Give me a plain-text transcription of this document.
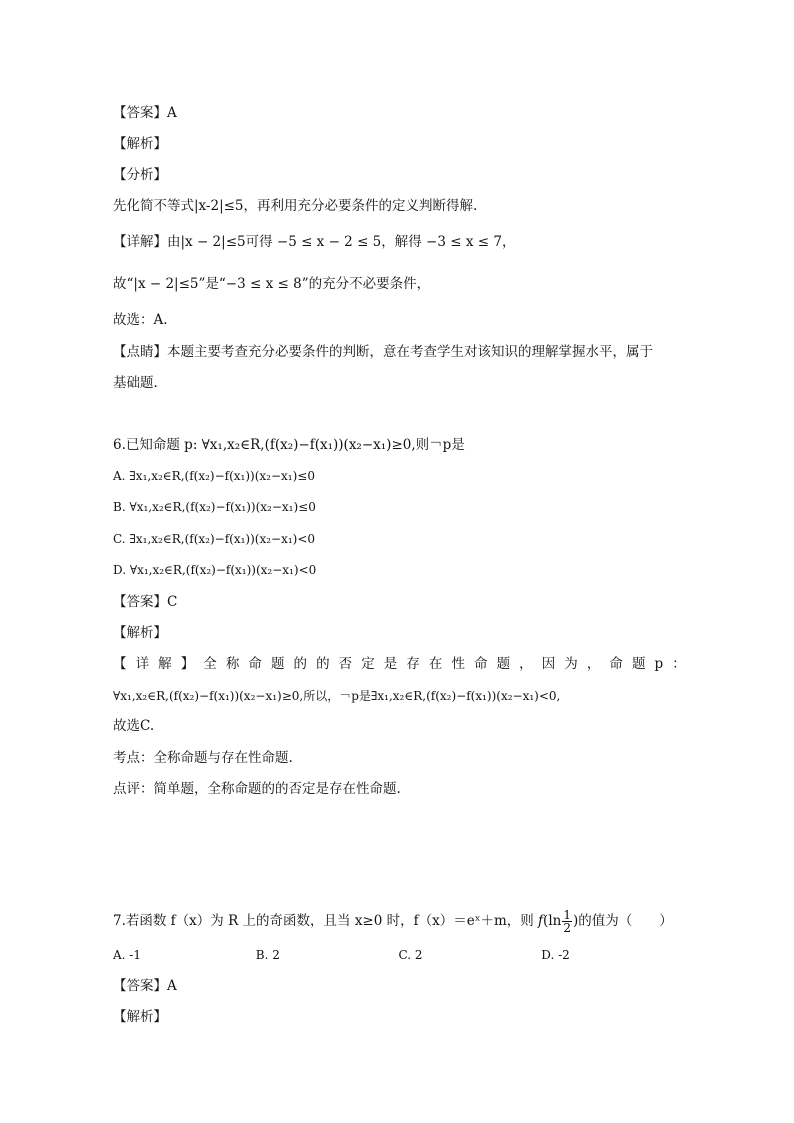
【答案】A
【解析】
【分析】
先化简不等式|x-2|≤5，再利用充分必要条件的定义判断得解.
【详解】由|x − 2|≤5可得 −5 ≤ x − 2 ≤ 5，解得 −3 ≤ x ≤ 7，
故“|x − 2|≤5”是“−3 ≤ x ≤ 8”的充分不必要条件，
故选：A.
【点睛】本题主要考查充分必要条件的判断，意在考查学生对该知识的理解掌握水平，属于
基础题.
6.已知命题 p: ∀x₁,x₂∈R,(f(x₂)−f(x₁))(x₂−x₁)≥0,则￢p是
A. ∃x₁,x₂∈R,(f(x₂)−f(x₁))(x₂−x₁)≤0
B. ∀x₁,x₂∈R,(f(x₂)−f(x₁))(x₂−x₁)≤0
C. ∃x₁,x₂∈R,(f(x₂)−f(x₁))(x₂−x₁)<0
D. ∀x₁,x₂∈R,(f(x₂)−f(x₁))(x₂−x₁)<0
【答案】C
【解析】
【 详 解 】 全 称 命 题 的 的 否 定 是 存 在 性 命 题 ， 因 为 ， 命 题 p ：
∀x₁,x₂∈R,(f(x₂)−f(x₁))(x₂−x₁)≥0,所以，￢p是∃x₁,x₂∈R,(f(x₂)−f(x₁))(x₂−x₁)<0,
故选C.
考点：全称命题与存在性命题.
点评：简单题，全称命题的的否定是存在性命题.
7.若函数 f（x）为 R 上的奇函数，且当 x≥0 时，f（x）＝eˣ＋m，则 $f(\ln \frac{1}{2}$ )的值为（　　）
A. -1	B. 2	C. 2	D. -2
【答案】A
【解析】
